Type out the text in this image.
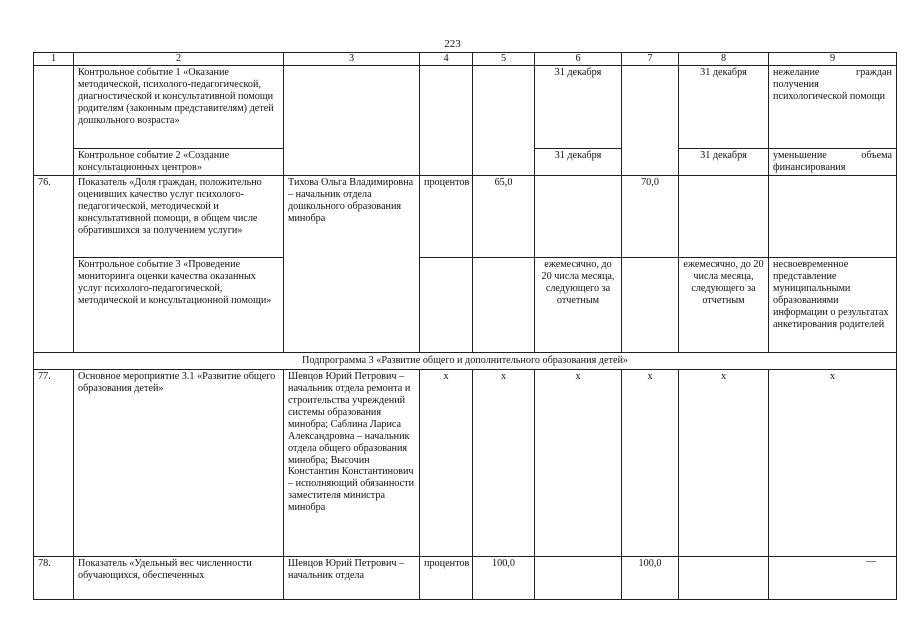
223
1	2	3	4	5	6	7	8	9
	Контрольное событие 1 «Оказание методической, психолого-педагогической, диагностической и консультативной помощи родителям (законным представителям) детей дошкольного возраста»				31 декабря		31 декабря	нежелание граждан получения психологической помощи
	Контрольное событие 2 «Создание консультационных центров»				31 декабря		31 декабря	уменьшение объема финансирования
76.	Показатель «Доля граждан, положительно оценивших качество услуг психолого-педагогической, методической и консультативной помощи, в общем числе обратившихся за получением услуги»	Тихова Ольга Владимировна – начальник отдела дошкольного образования минобра	процентов	65,0		70,0		
	Контрольное событие 3 «Проведение мониторинга оценки качества оказанных услуг психолого-педагогической, методической и консультационной помощи»				ежемесячно, до 20 числа месяца, следующего за отчетным		ежемесячно, до 20 числа месяца, следующего за отчетным	несвоевременное представление муниципальными образованиями информации о результатах анкетирования родителей
Подпрограмма 3 «Развитие общего и дополнительного образования детей»								
77.	Основное мероприятие 3.1 «Развитие общего образования детей»	Шевцов Юрий Петрович – начальник отдела ремонта и строительства учреждений системы образования минобра; Саблина Лариса Александровна – начальник отдела общего образования минобра; Высочин Константин Константинович – исполняющий обязанности заместителя министра минобра	х	х	х	х	х	х
78.	Показатель «Удельный вес численности обучающихся, обеспеченных	Шевцов Юрий Петрович – начальник отдела	процентов	100,0		100,0		
